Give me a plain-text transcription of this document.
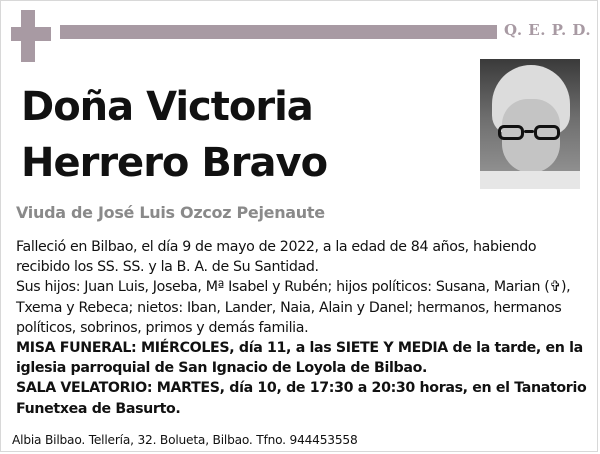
Q. E. P. D.
Doña Victoria
Herrero Bravo
Viuda de José Luis Ozcoz Pejenaute

Falleció en Bilbao, el día 9 de mayo de 2022, a la edad de 84 años, habiendo recibido los SS. SS. y la B. A. de Su Santidad.

Sus hijos: Juan Luis, Joseba, Mª Isabel y Rubén; hijos políticos: Susana, Marian (✞), Txema y Rebeca; nietos: Iban, Lander, Naia, Alain y Danel; hermanos, hermanos políticos, sobrinos, primos y demás familia.

MISA FUNERAL: MIÉRCOLES, día 11, a las SIETE Y MEDIA de la tarde, en la iglesia parroquial de San Ignacio de Loyola de Bilbao.

SALA VELATORIO: MARTES, día 10, de 17:30 a 20:30 horas, en el Tanatorio Funetxea de Basurto.

Albia Bilbao. Tellería, 32. Bolueta, Bilbao. Tfno. 944453558
